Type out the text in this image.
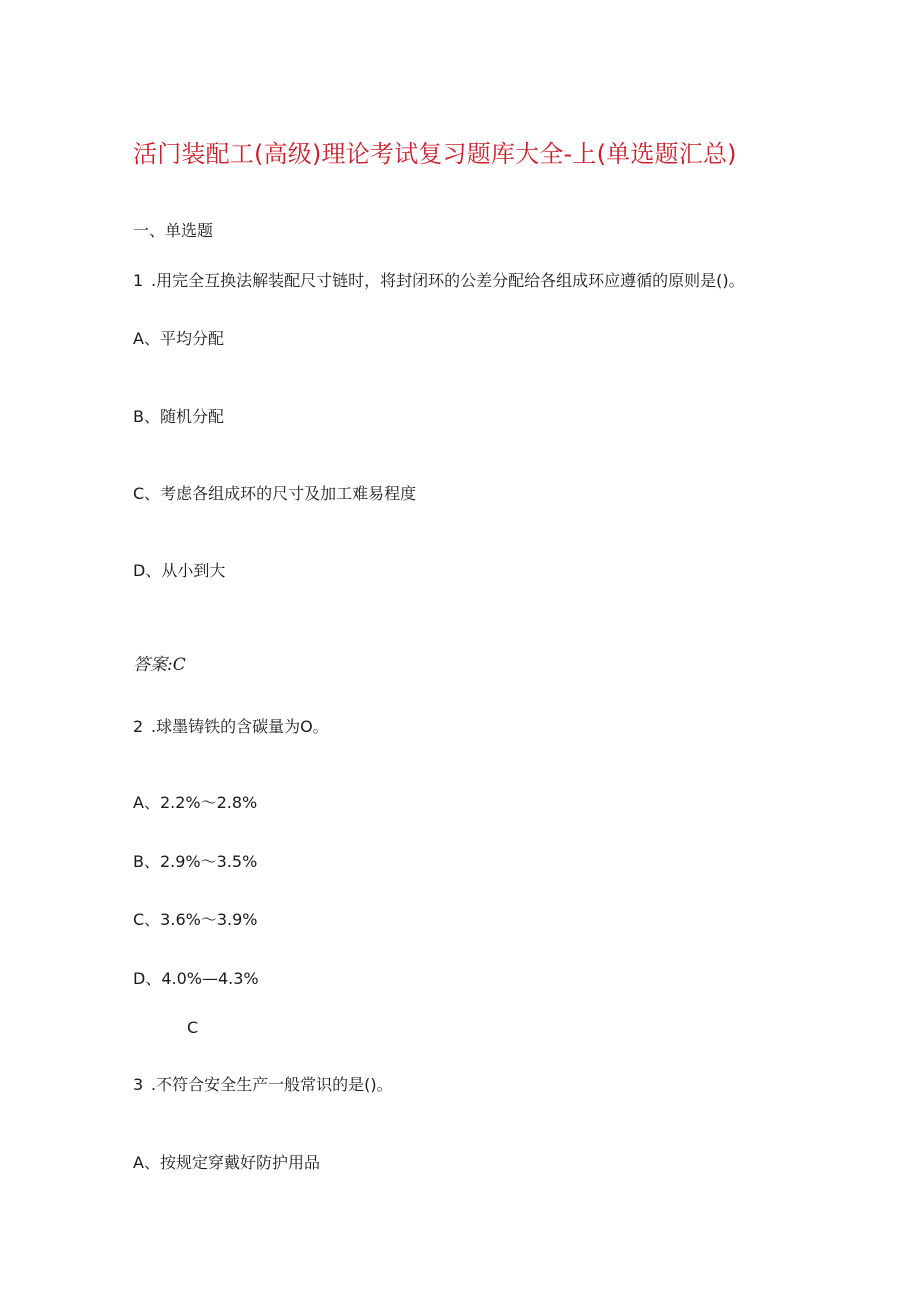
活门装配工(高级)理论考试复习题库大全-上(单选题汇总)
一、单选题
1 .用完全互换法解装配尺寸链时，将封闭环的公差分配给各组成环应遵循的原则是()。
A、平均分配
B、随机分配
C、考虑各组成环的尺寸及加工难易程度
D、从小到大
答案:C
2 .球墨铸铁的含碳量为O。
A、2.2%〜2.8%
B、2.9%〜3.5%
C、3.6%〜3.9%
D、4.0%—4.3%
C
3 .不符合安全生产一般常识的是()。
A、按规定穿戴好防护用品
